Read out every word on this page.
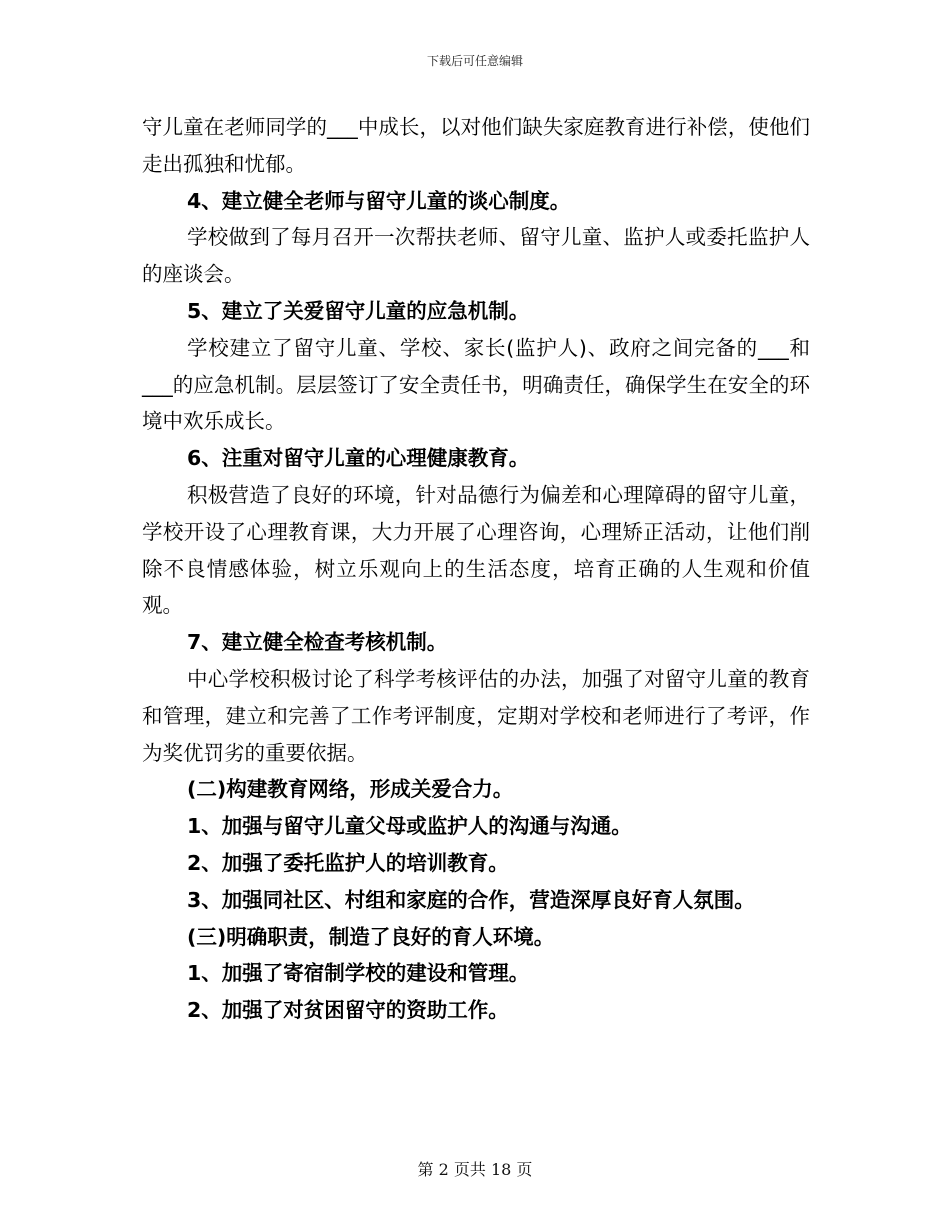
下载后可任意编辑

守儿童在老师同学的___中成长，以对他们缺失家庭教育进行补偿，使他们走出孤独和忧郁。

4、建立健全老师与留守儿童的谈心制度。

学校做到了每月召开一次帮扶老师、留守儿童、监护人或委托监护人的座谈会。

5、建立了关爱留守儿童的应急机制。

学校建立了留守儿童、学校、家长(监护人)、政府之间完备的___和___的应急机制。层层签订了安全责任书，明确责任，确保学生在安全的环境中欢乐成长。

6、注重对留守儿童的心理健康教育。

积极营造了良好的环境，针对品德行为偏差和心理障碍的留守儿童，学校开设了心理教育课，大力开展了心理咨询，心理矫正活动，让他们削除不良情感体验，树立乐观向上的生活态度，培育正确的人生观和价值观。

7、建立健全检查考核机制。

中心学校积极讨论了科学考核评估的办法，加强了对留守儿童的教育和管理，建立和完善了工作考评制度，定期对学校和老师进行了考评，作为奖优罚劣的重要依据。

(二)构建教育网络，形成关爱合力。

1、加强与留守儿童父母或监护人的沟通与沟通。

2、加强了委托监护人的培训教育。

3、加强同社区、村组和家庭的合作，营造深厚良好育人氛围。

(三)明确职责，制造了良好的育人环境。

1、加强了寄宿制学校的建设和管理。

2、加强了对贫困留守的资助工作。

第 2 页共 18 页
